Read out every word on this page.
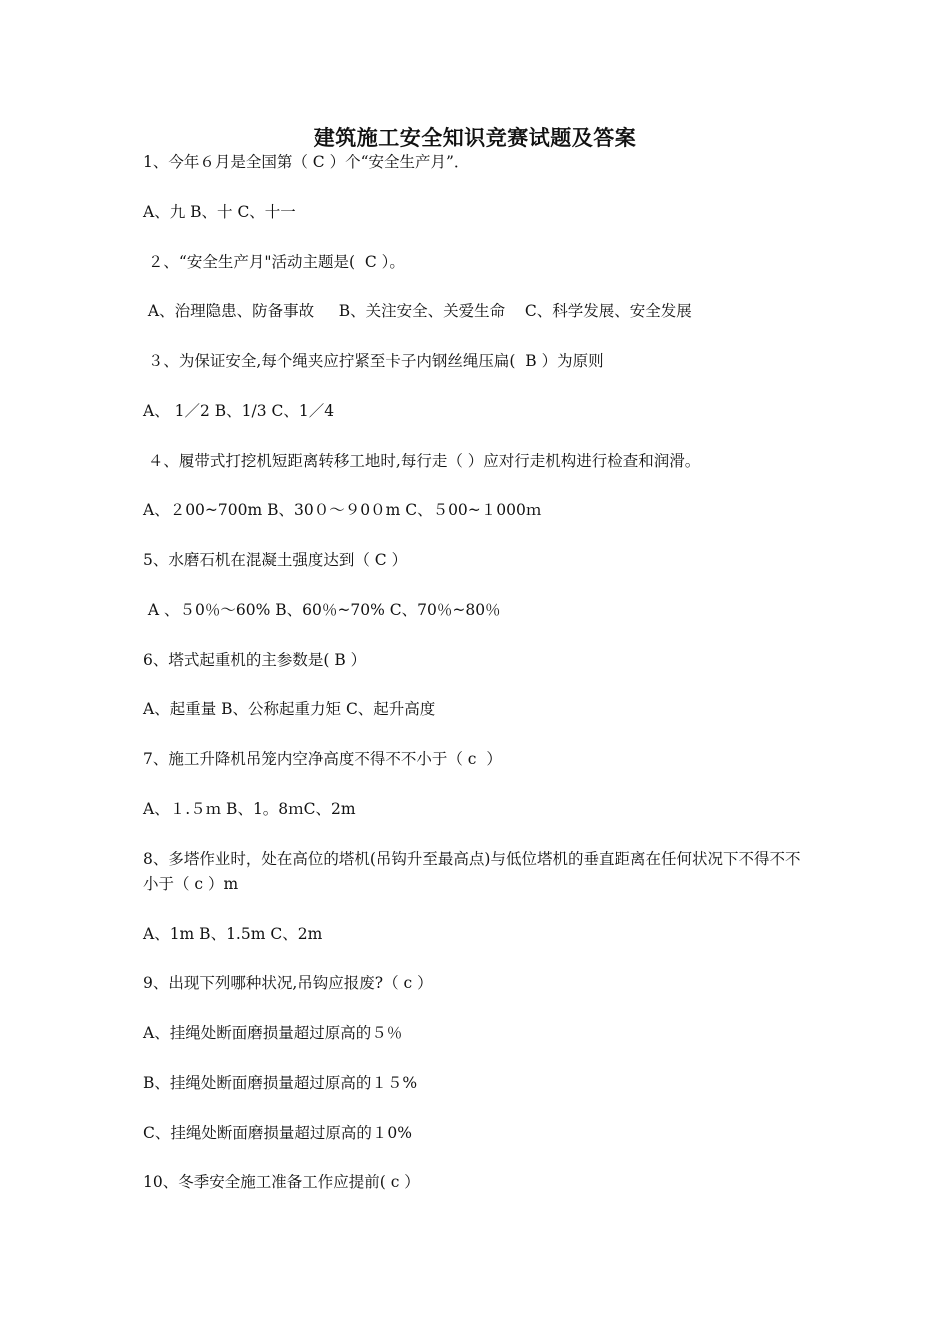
建筑施工安全知识竞赛试题及答案

1、今年６月是全国第（ C ）个“安全生产月”．

A、九 B、十 C、十一

２、“安全生产月"活动主题是(  C ）。

A、治理隐患、防备事故     B、关注安全、关爱生命    C、科学发展、安全发展

３、为保证安全,每个绳夹应拧紧至卡子内钢丝绳压扁(  B ）为原则

A、 1／2 B、1/3 C、1／4

４、履带式打挖机短距离转移工地时,每行走（ ）应对行走机构进行检查和润滑。

A、２00~700m B、30０～９0０m C、５00~１000ｍ

5、水磨石机在混凝土强度达到（ C ）

A 、５0％～60% B、60％~70% C、70％~80％

6、塔式起重机的主参数是( B ）

A、起重量 B、公称起重力矩 C、起升高度

7、施工升降机吊笼内空净高度不得不不小于（ c  ）

A、１.５ｍ B、1。8ｍC、2m

8、多塔作业时，处在高位的塔机(吊钩升至最高点)与低位塔机的垂直距离在任何状况下不得不不小于（ c ）m

A、1m B、1.5m C、2m

9、出现下列哪种状况,吊钩应报废?（ c ）

A、挂绳处断面磨损量超过原高的５％

B、挂绳处断面磨损量超过原高的１５%

C、挂绳处断面磨损量超过原高的１0%

10、冬季安全施工准备工作应提前( c ）
